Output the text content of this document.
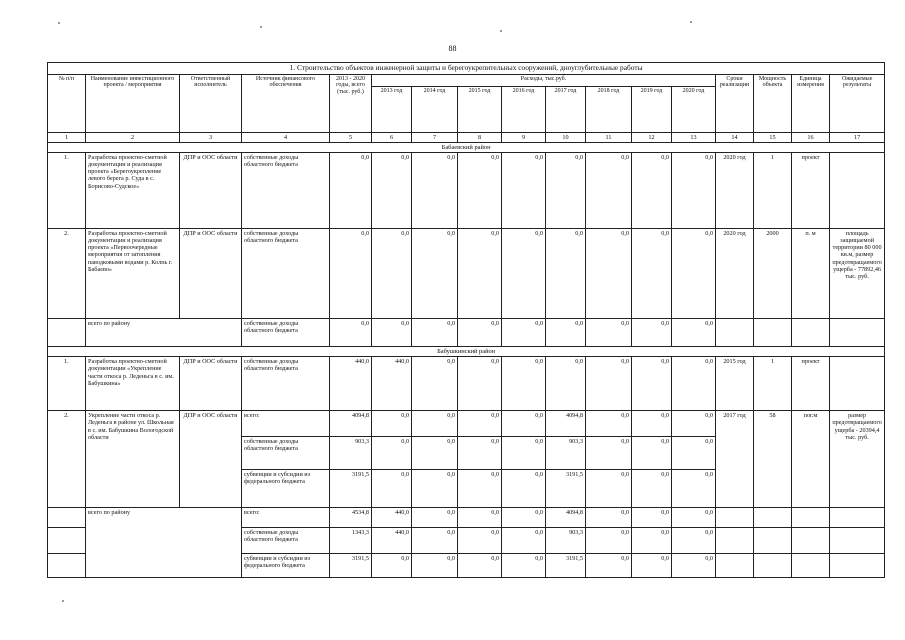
88
1. Строительство объектов инженерной защиты и берегоукрепительных сооружений, дноуглубительные работы																
№ п/п	Наименование инвестиционного проекта / мероприятия	Ответственный исполнитель	Источник финансового обеспечения	2013 - 2020 годы, всего (тыс. руб.)	Расходы, тыс.руб.								Сроки реализации	Мощность объекта	Единица измерения	Ожидаемые результаты
					2013 год	2014 год	2015 год	2016 год	2017 год	2018 год	2019 год	2020 год				
1	2	3	4	5	6	7	8	9	10	11	12	13	14	15	16	17
Бабаевский район																
1.	Разработка проектно-сметной документации и реализация проекта «Берегоукрепление левого берега р. Суда в с. Борисово-Судское»	ДПР и ООС области	собственные доходы областного бюджета	0,0	0,0	0,0	0,0	0,0	0,0	0,0	0,0	0,0	2020 год	1	проект	
2.	Разработка проектно-сметной документации и реализация проекта «Первоочередные мероприятия от затопления паводковыми водами р. Колпь г. Бабаево»	ДПР и ООС области	собственные доходы областного бюджета	0,0	0,0	0,0	0,0	0,0	0,0	0,0	0,0	0,0	2020 год	2000	п. м	площадь защищаемой территории 80 000 кв.м, размер предотвращаемого ущерба - 77892,46 тыс. руб.
	всего по району		собственные доходы областного бюджета	0,0	0,0	0,0	0,0	0,0	0,0	0,0	0,0	0,0				
Бабушкинский район																
1.	Разработка проектно-сметной документации «Укрепление части откоса р. Леденьга в с. им. Бабушкина»	ДПР и ООС области	собственные доходы областного бюджета	440,0	440,0	0,0	0,0	0,0	0,0	0,0	0,0	0,0	2015 год	1	проект	
2.	Укрепление части откоса р. Леденьга в районе ул. Школьная в с. им. Бабушкина Вологодской области	ДПР и ООС области	всего:	4094,8	0,0	0,0	0,0	0,0	4094,8	0,0	0,0	0,0	2017 год	58	пог.м	размер предотвращаемого ущерба - 20394,4 тыс. руб.
			собственные доходы областного бюджета	903,3	0,0	0,0	0,0	0,0	903,3	0,0	0,0	0,0				
			субвенции и субсидии из федерального бюджета	3191,5	0,0	0,0	0,0	0,0	3191,5	0,0	0,0	0,0				
	всего по району		всего:	4534,8	440,0	0,0	0,0	0,0	4094,8	0,0	0,0	0,0				
			собственные доходы областного бюджета	1343,3	440,0	0,0	0,0	0,0	903,3	0,0	0,0	0,0				
			субвенции и субсидии из федерального бюджета	3191,5	0,0	0,0	0,0	0,0	3191,5	0,0	0,0	0,0				
